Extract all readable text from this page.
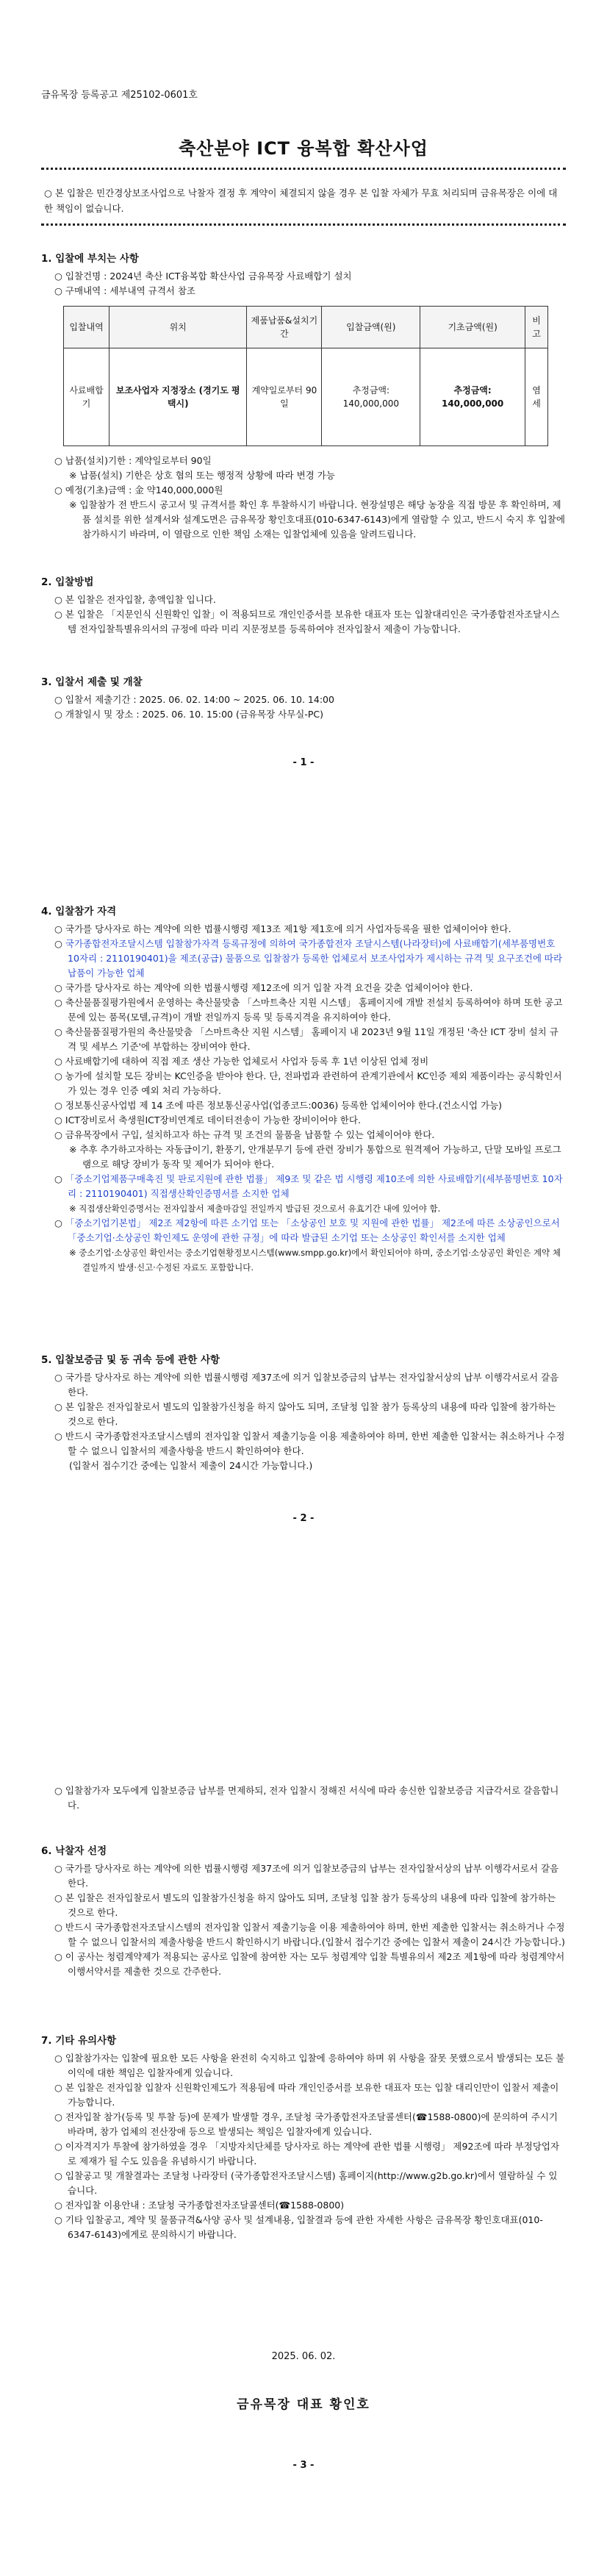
금유목장 등록공고 제25102-0601호
축산분야 ICT 융복합 확산사업
○ 본 입찰은 민간경상보조사업으로 낙찰자 결정 후 계약이 체결되지 않을 경우 본 입찰 자체가 무효 처리되며 금유목장은 이에 대한 책임이 없습니다.

1. 입찰에 부치는 사항

○ 입찰건명 : 2024년 축산 ICT융복합 확산사업 금유목장 사료배합기 설치

○ 구매내역 : 세부내역 규격서 참조

입찰내역	위치	제품납품&설치기간	입찰금액(원)	기초금액(원)	비고
사료배합기	보조사업자 지정장소 (경기도 평택시)	계약일로부터 90일	추정금액: 140,000,000	추정금액: 140,000,000	염세

○ 납품(설치)기한 : 계약일로부터 90일

※ 납품(설치) 기한은 상호 협의 또는 행정적 상황에 따라 변경 가능

○ 예정(기초)금액 : 金 약140,000,000원

※ 입찰참가 전 반드시 공고서 및 규격서를 확인 후 투찰하시기 바랍니다. 현장설명은 해당 농장을 직접 방문 후 확인하며, 제품 설치를 위한 설계서와 설계도면은 금유목장 황인호대표(010-6347-6143)에게 열람할 수 있고, 반드시 숙지 후 입찰에 참가하시기 바라며, 이 열람으로 인한 책임 소재는 입찰업체에 있음을 알려드립니다.

2. 입찰방법

○ 본 입찰은 전자입찰, 총액입찰 입니다.

○ 본 입찰은 「지문인식 신원확인 입찰」이 적용되므로 개인인증서를 보유한 대표자 또는 입찰대리인은 국가종합전자조달시스템 전자입찰특별유의서의 규정에 따라 미리 지문정보를 등록하여야 전자입찰서 제출이 가능합니다.

3. 입찰서 제출 및 개찰

○ 입찰서 제출기간 : 2025. 06. 02. 14:00 ~ 2025. 06. 10. 14:00

○ 개찰일시 및 장소 : 2025. 06. 10. 15:00 (금유목장 사무실-PC)

- 1 -

4. 입찰참가 자격

○ 국가를 당사자로 하는 계약에 의한 법률시행령 제13조 제1항 제1호에 의거 사업자등록을 필한 업체이어야 한다.

○ 국가종합전자조달시스템 입찰참가자격 등록규정에 의하여 국가종합전자 조달시스템(나라장터)에 사료배합기(세부품명번호 10자리 : 2110190401)을 제조(공급) 물품으로 입찰참가 등록한 업체로서 보조사업자가 제시하는 규격 및 요구조건에 따라 납품이 가능한 업체

○ 국가를 당사자로 하는 계약에 의한 법률시행령 제12조에 의거 입찰 자격 요건을 갖춘 업체이어야 한다.

○ 축산물품질평가원에서 운영하는 축산물맞춤 「스마트축산 지원 시스템」 홈페이지에 개발 전설치 등록하여야 하며 또한 공고문에 있는 품목(모델,규격)이 개발 전일까지 등록 및 등록지격을 유지하여야 한다.

○ 축산물품질평가원의 축산물맞춤 「스마트축산 지원 시스템」 홈페이지 내 2023년 9월 11일 개정된 '축산 ICT 장비 설치 규격 및 세부스 기준'에 부합하는 장비여야 한다.

○ 사료배합기에 대하여 직접 제조 생산 가능한 업체로서 사업자 등록 후 1년 이상된 업체 정비

○ 농가에 설치할 모든 장비는 KC인증을 받아야 한다. 단, 전파법과 관련하여 관계기관에서 KC인증 제외 제품이라는 공식확인서가 있는 경우 인증 예외 처리 가능하다.

○ 정보통신공사업법 제 14 조에 따른 정보통신공사업(업종코드:0036) 등록한 업체이어야 한다.(건소시업 가능)

○ ICT장비로서 축생원ICT장비연계로 데이터전송이 가능한 장비이어야 한다.

○ 금유목장에서 구입, 설치하고자 하는 규격 및 조건의 물품을 납품할 수 있는 업체이어야 한다.

※ 추후 추가하고자하는 자동급이기, 환풍기, 안개분무기 등에 관련 장비가 통합으로 원격제어 가능하고, 단말 모바일 프로그램으로 해당 장비가 동작 및 제어가 되어야 한다.

○ 「중소기업제품구매촉진 및 판로지원에 관한 법률」 제9조 및 같은 법 시행령 제10조에 의한 사료배합기(세부품명번호 10자리 : 2110190401) 직접생산확인증명서를 소지한 업체

※ 직접생산확인증명서는 전자입찰서 제출마감일 전일까지 발급된 것으로서 유효기간 내에 있어야 함.

○ 「중소기업기본법」 제2조 제2항에 따른 소기업 또는 「소상공인 보호 및 지원에 관한 법률」 제2조에 따른 소상공인으로서 「중소기업·소상공인 확인제도 운영에 관한 규정」에 따라 발급된 소기업 또는 소상공인 확인서를 소지한 업체

※ 중소기업·소상공인 확인서는 중소기업현황정보시스템(www.smpp.go.kr)에서 확인되어야 하며, 중소기업·소상공인 확인은 계약 체결일까지 발생·신고·수정된 자료도 포함합니다.

5. 입찰보증금 및 동 귀속 등에 관한 사항

○ 국가를 당사자로 하는 계약에 의한 법률시행령 제37조에 의거 입찰보증금의 납부는 전자입찰서상의 납부 이행각서로서 갈음 한다.

○ 본 입찰은 전자입찰로서 별도의 입찰참가신청을 하지 않아도 되며, 조달청 입찰 참가 등록상의 내용에 따라 입찰에 참가하는 것으로 한다.

○ 반드시 국가종합전자조달시스템의 전자입찰 입찰서 제출기능을 이용 제출하여야 하며, 한번 제출한 입찰서는 취소하거나 수정할 수 없으니 입찰서의 제출사항을 반드시 확인하여야 한다.

(입찰서 접수기간 중에는 입찰서 제출이 24시간 가능합니다.)

- 2 -

○ 입찰참가자 모두에게 입찰보증금 납부를 면제하되, 전자 입찰시 정해진 서식에 따라 송신한 입찰보증금 지급각서로 갈음합니다.

6. 낙찰자 선정

○ 국가를 당사자로 하는 계약에 의한 법률시행령 제37조에 의거 입찰보증금의 납부는 전자입찰서상의 납부 이행각서로서 갈음 한다.

○ 본 입찰은 전자입찰로서 별도의 입찰참가신청을 하지 않아도 되며, 조달청 입찰 참가 등록상의 내용에 따라 입찰에 참가하는 것으로 한다.

○ 반드시 국가종합전자조달시스템의 전자입찰 입찰서 제출기능을 이용 제출하여야 하며, 한번 제출한 입찰서는 취소하거나 수정할 수 없으니 입찰서의 제출사항을 반드시 확인하시기 바랍니다.(입찰서 접수기간 중에는 입찰서 제출이 24시간 가능합니다.)

○ 이 공사는 청렴계약제가 적용되는 공사로 입찰에 참여한 자는 모두 청렴계약 입찰 특별유의서 제2조 제1항에 따라 청렴계약서 이행서약서를 제출한 것으로 간주한다.

7. 기타 유의사항

○ 입찰참가자는 입찰에 필요한 모든 사항을 완전히 숙지하고 입찰에 응하여야 하며 위 사항을 잘못 못했으로서 발생되는 모든 불이익에 대한 책임은 입찰자에게 있습니다.

○ 본 입찰은 전자입찰 입찰자 신원확인제도가 적용됨에 따라 개인인증서를 보유한 대표자 또는 입찰 대리인만이 입찰서 제출이 가능합니다.

○ 전자입찰 참가(등록 및 투찰 등)에 문제가 발생할 경우, 조달청 국가종합전자조달콜센터(☎1588-0800)에 문의하여 주시기 바라며, 참가 업체의 전산장애 등으로 발생되는 책임은 입찰자에게 있습니다.

○ 이자격지가 투찰에 참가하였을 경우 「지방자치단체를 당사자로 하는 계약에 관한 법률 시행령」 제92조에 따라 부정당업자로 제재가 될 수도 있음을 유념하시기 바랍니다.

○ 입찰공고 및 개찰결과는 조달청 나라장터 (국가종합전자조달시스템) 홈페이지(http://www.g2b.go.kr)에서 열람하실 수 있습니다.

○ 전자입찰 이용안내 : 조달청 국가종합전자조달콜센터(☎1588-0800)

○ 기타 입찰공고, 계약 및 물품규격&사양 공사 및 설계내용, 입찰결과 등에 관한 자세한 사항은 금유목장 황인호대표(010-6347-6143)에게로 문의하시기 바랍니다.

2025. 06. 02.
금유목장 대표 황인호
- 3 -
